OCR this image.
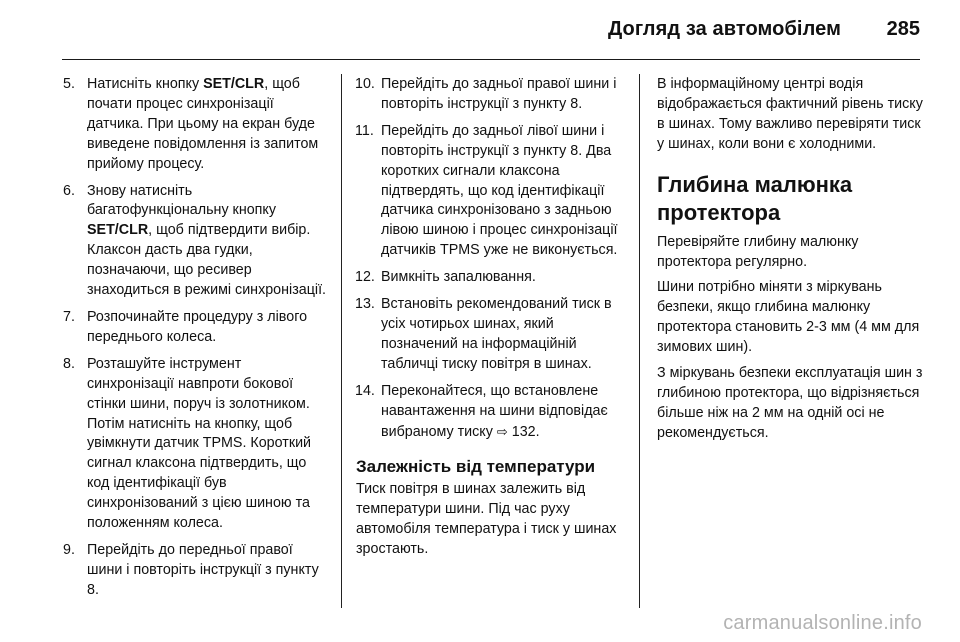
Догляд за автомобілем 285
5. Натисніть кнопку SET/CLR, щоб почати процес синхронізації датчика. При цьому на екран буде виведене повідомлення із запитом прийому процесу.
6. Знову натисніть багатофункціональну кнопку SET/CLR, щоб підтвердити вибір. Клаксон дасть два гудки, позначаючи, що ресивер знаходиться в режимі синхронізації.
7. Розпочинайте процедуру з лівого переднього колеса.
8. Розташуйте інструмент синхронізації навпроти бокової стінки шини, поруч із золотником. Потім натисніть на кнопку, щоб увімкнути датчик TPMS. Короткий сигнал клаксона підтвердить, що код ідентифікації був синхронізований з цією шиною та положенням колеса.
9. Перейдіть до передньої правої шини і повторіть інструкції з пункту 8.
10. Перейдіть до задньої правої шини і повторіть інструкції з пункту 8.
11. Перейдіть до задньої лівої шини і повторіть інструкції з пункту 8. Два коротких сигнали клаксона підтвердять, що код ідентифікації датчика синхронізовано з задньою лівою шиною і процес синхронізації датчиків TPMS уже не виконується.
12. Вимкніть запалювання.
13. Встановіть рекомендований тиск в усіх чотирьох шинах, який позначений на інформаційній табличці тиску повітря в шинах.
14. Переконайтеся, що встановлене навантаження на шини відповідає вибраному тиску ⇨ 132.
Залежність від температури

Тиск повітря в шинах залежить від температури шини. Під час руху автомобіля температура і тиск у шинах зростають.

В інформаційному центрі водія відображається фактичний рівень тиску в шинах. Тому важливо перевіряти тиск у шинах, коли вони є холодними.

Глибина малюнка протектора

Перевіряйте глибину малюнку протектора регулярно.

Шини потрібно міняти з міркувань безпеки, якщо глибина малюнку протектора становить 2-3 мм (4 мм для зимових шин).

З міркувань безпеки експлуатація шин з глибиною протектора, що відрізняється більше ніж на 2 мм на одній осі не рекомендується.

carmanualsonline.info
